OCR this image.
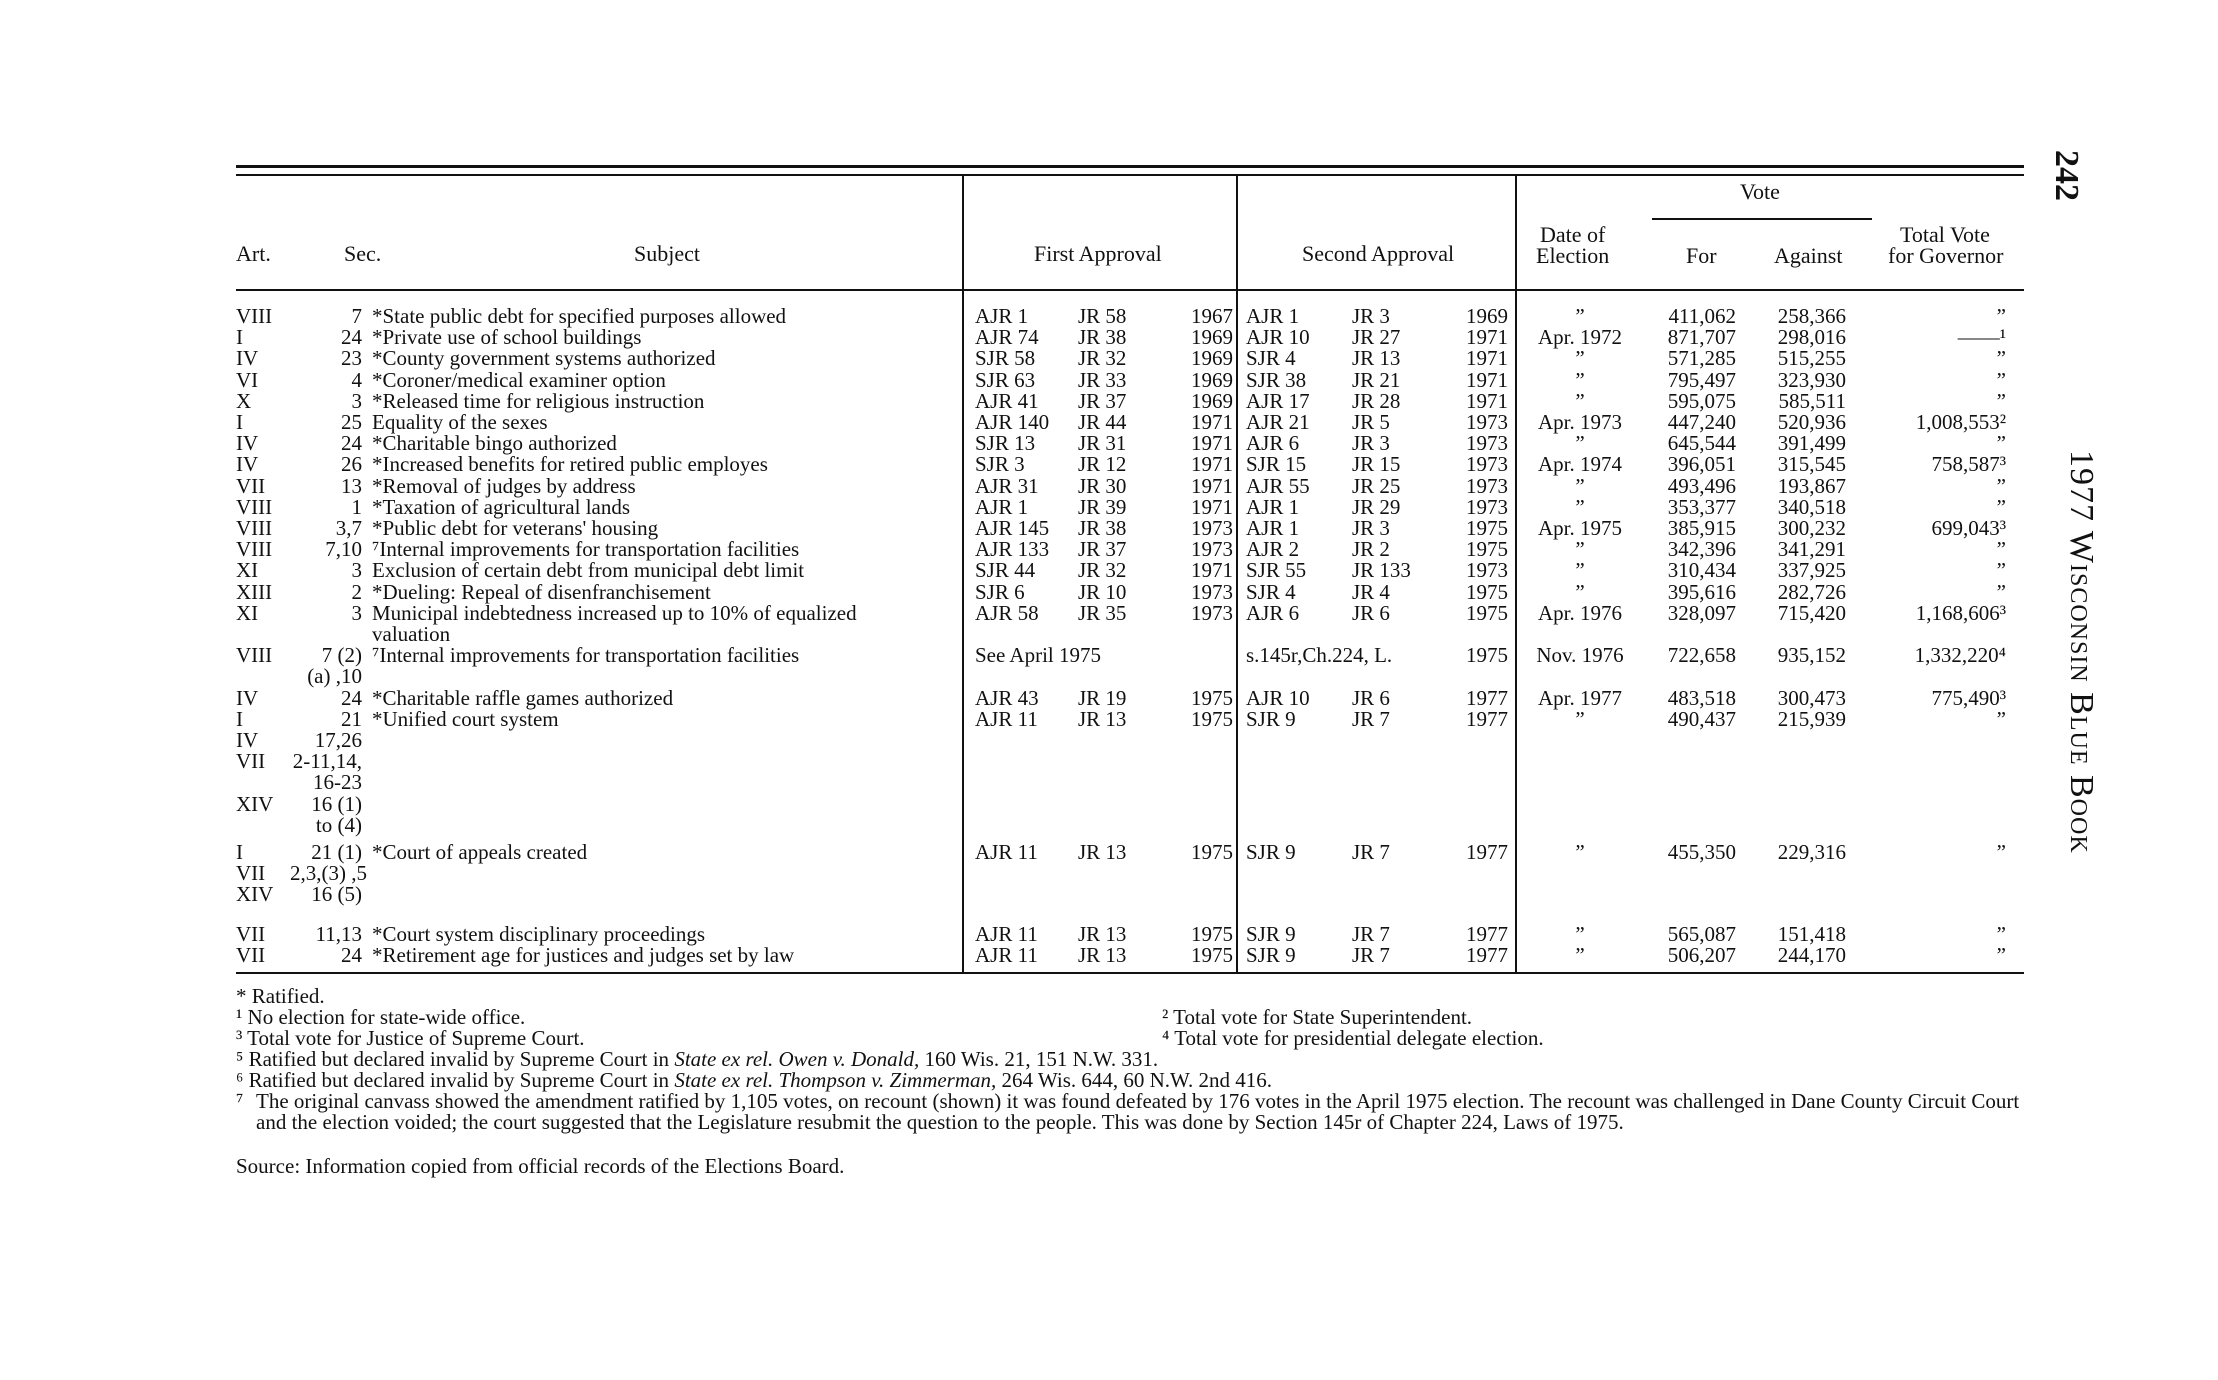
242
1977 Wisconsin Blue Book
Art.	Sec.	Subject	First Approval	Second Approval
Date of
Election
Vote
For	Against
Total Vote
for Governor
VIII	7 *State public debt for specified purposes allowed	AJR 1	JR 58	1967 AJR 1	JR 3	1969	”	411,062	258,366	”
I	24 *Private use of school buildings	AJR 74	JR 38	1969 AJR 10	JR 27	1971	Apr. 1972	871,707	298,016	——¹
IV	23 *County government systems authorized	SJR 58	JR 32	1969 SJR 4	JR 13	1971	”	571,285	515,255	”
VI	4 *Coroner/medical examiner option	SJR 63	JR 33	1969 SJR 38	JR 21	1971	”	795,497	323,930	”
X	3 *Released time for religious instruction	AJR 41	JR 37	1969 AJR 17	JR 28	1971	”	595,075	585,511	”
I	25 Equality of the sexes	AJR 140	JR 44	1971 AJR 21	JR 5	1973	Apr. 1973	447,240	520,936	1,008,553²
IV	24 *Charitable bingo authorized	SJR 13	JR 31	1971 AJR 6	JR 3	1973	”	645,544	391,499	”
IV	26 *Increased benefits for retired public employes	SJR 3	JR 12	1971 SJR 15	JR 15	1973	Apr. 1974	396,051	315,545	758,587³
VII	13 *Removal of judges by address	AJR 31	JR 30	1971 AJR 55	JR 25	1973	”	493,496	193,867	”
VIII	1 *Taxation of agricultural lands	AJR 1	JR 39	1971 AJR 1	JR 29	1973	”	353,377	340,518	”
VIII	3,7 *Public debt for veterans' housing	AJR 145	JR 38	1973 AJR 1	JR 3	1975	Apr. 1975	385,915	300,232	699,043³
VIII	7,10 ⁷Internal improvements for transportation facilities	AJR 133	JR 37	1973 AJR 2	JR 2	1975	”	342,396	341,291	”
XI	3 Exclusion of certain debt from municipal debt limit	SJR 44	JR 32	1971 SJR 55	JR 133	1973	”	310,434	337,925	”
XIII	2 *Dueling: Repeal of disenfranchisement	SJR 6	JR 10	1973 SJR 4	JR 4	1975	”	395,616	282,726	”
XI	3 Municipal indebtedness increased up to 10% of equalized	AJR 58	JR 35	1973 AJR 6	JR 6	1975	Apr. 1976	328,097	715,420	1,168,606³
valuation
VIII	7 (2) ⁷Internal improvements for transportation facilities	See April 1975	s.145r,Ch.224, L.	1975	Nov. 1976	722,658	935,152	1,332,220⁴
(a) ,10
IV	24 *Charitable raffle games authorized	AJR 43	JR 19	1975 AJR 10	JR 6	1977	Apr. 1977	483,518	300,473	775,490³
I	21 *Unified court system	AJR 11	JR 13	1975 SJR 9	JR 7	1977	”	490,437	215,939	”
IV	17,26
VII	2-11,14,
16-23
XIV	16 (1)
to (4)
I	21 (1) *Court of appeals created	AJR 11	JR 13	1975 SJR 9	JR 7	1977	”	455,350	229,316	”
VII	2,3,(3) ,5
XIV	16 (5)
VII	11,13 *Court system disciplinary proceedings	AJR 11	JR 13	1975 SJR 9	JR 7	1977	”	565,087	151,418	”
VII	24 *Retirement age for justices and judges set by law	AJR 11	JR 13	1975 SJR 9	JR 7	1977	”	506,207	244,170	”
* Ratified.
¹ No election for state-wide office.	² Total vote for State Superintendent.
³ Total vote for Justice of Supreme Court.	⁴ Total vote for presidential delegate election.
⁵ Ratified but declared invalid by Supreme Court in State ex rel. Owen v. Donald, 160 Wis. 21, 151 N.W. 331.
⁶ Ratified but declared invalid by Supreme Court in State ex rel. Thompson v. Zimmerman, 264 Wis. 644, 60 N.W. 2nd 416.
⁷ The original canvass showed the amendment ratified by 1,105 votes, on recount (shown) it was found defeated by 176 votes in the April 1975 election. The recount was challenged in Dane County Circuit Court and the election voided; the court suggested that the Legislature resubmit the question to the people. This was done by Section 145r of Chapter 224, Laws of 1975.
Source: Information copied from official records of the Elections Board.
